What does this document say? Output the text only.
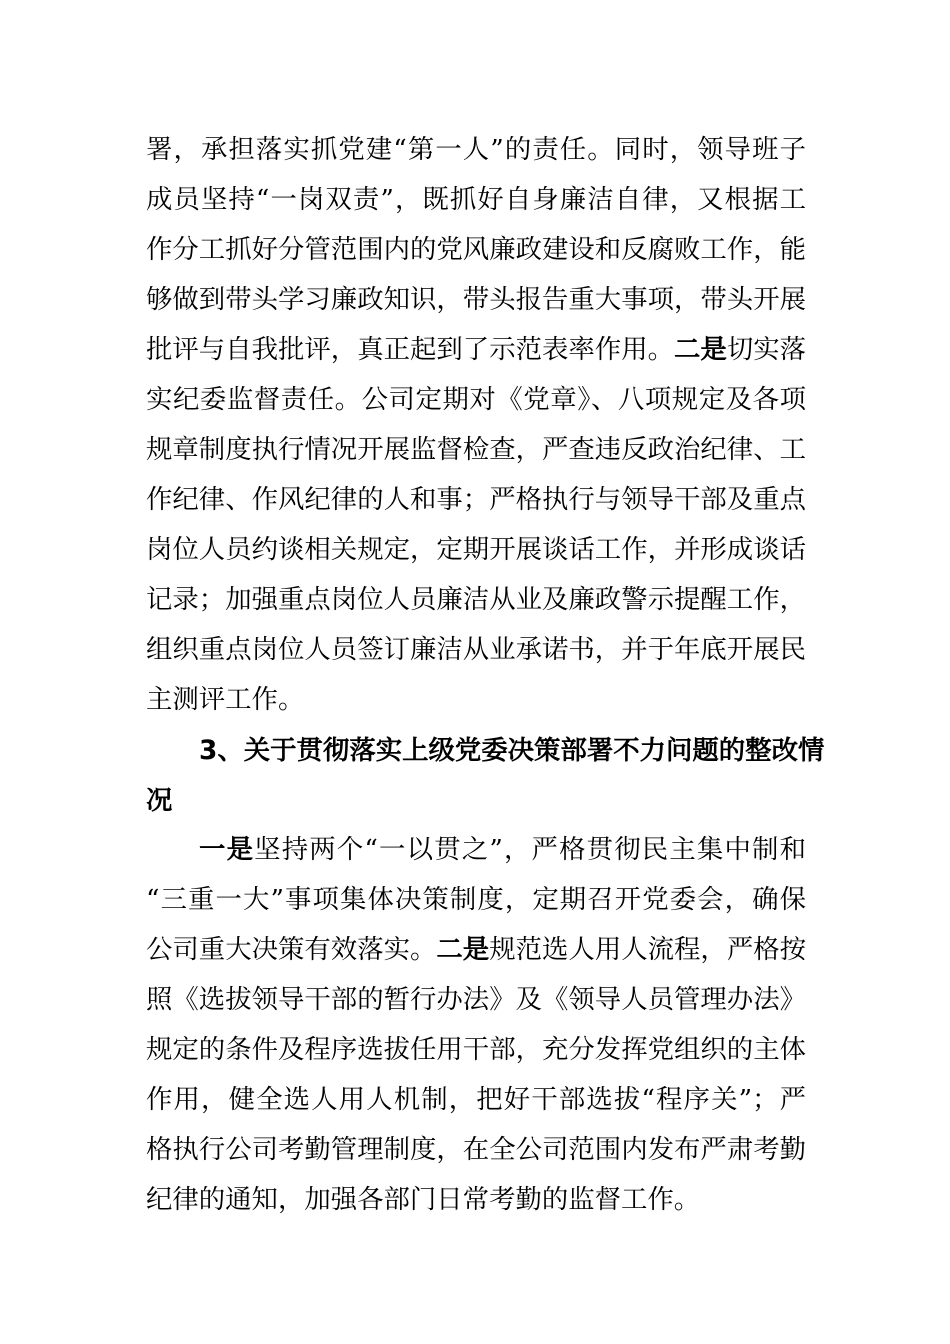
署，承担落实抓党建“第一人”的责任。同时，领导班子
成员坚持“一岗双责”，既抓好自身廉洁自律，又根据工
作分工抓好分管范围内的党风廉政建设和反腐败工作，能
够做到带头学习廉政知识，带头报告重大事项，带头开展
批评与自我批评，真正起到了示范表率作用。二是切实落
实纪委监督责任。公司定期对《党章》、八项规定及各项
规章制度执行情况开展监督检查，严查违反政治纪律、工
作纪律、作风纪律的人和事；严格执行与领导干部及重点
岗位人员约谈相关规定，定期开展谈话工作，并形成谈话
记录；加强重点岗位人员廉洁从业及廉政警示提醒工作，
组织重点岗位人员签订廉洁从业承诺书，并于年底开展民
主测评工作。
3、关于贯彻落实上级党委决策部署不力问题的整改情
况
一是坚持两个“一以贯之”，严格贯彻民主集中制和
“三重一大”事项集体决策制度，定期召开党委会，确保
公司重大决策有效落实。二是规范选人用人流程，严格按
照《选拔领导干部的暂行办法》及《领导人员管理办法》
规定的条件及程序选拔任用干部，充分发挥党组织的主体
作用，健全选人用人机制，把好干部选拔“程序关”；严
格执行公司考勤管理制度，在全公司范围内发布严肃考勤
纪律的通知，加强各部门日常考勤的监督工作。
